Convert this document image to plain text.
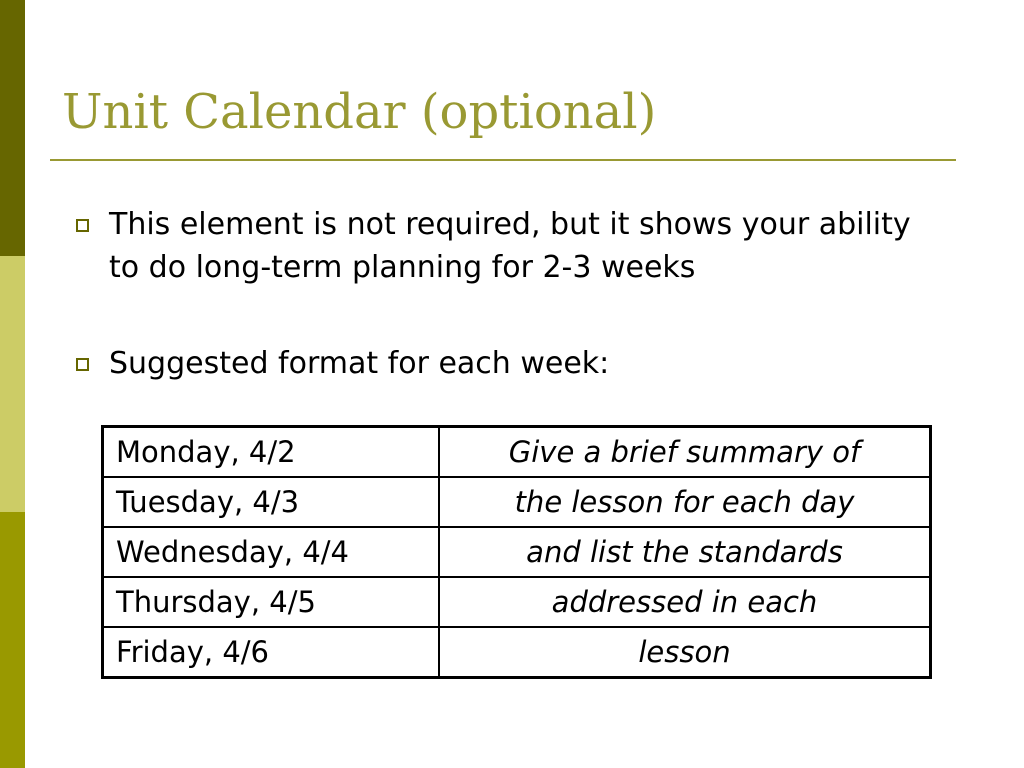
Unit Calendar (optional)
This element is not required, but it shows your ability to do long-term planning for 2-3 weeks
Suggested format for each week:
Monday, 4/2	Give a brief summary of
Tuesday, 4/3	the lesson for each day
Wednesday, 4/4	and list the standards
Thursday, 4/5	addressed in each
Friday, 4/6	lesson
